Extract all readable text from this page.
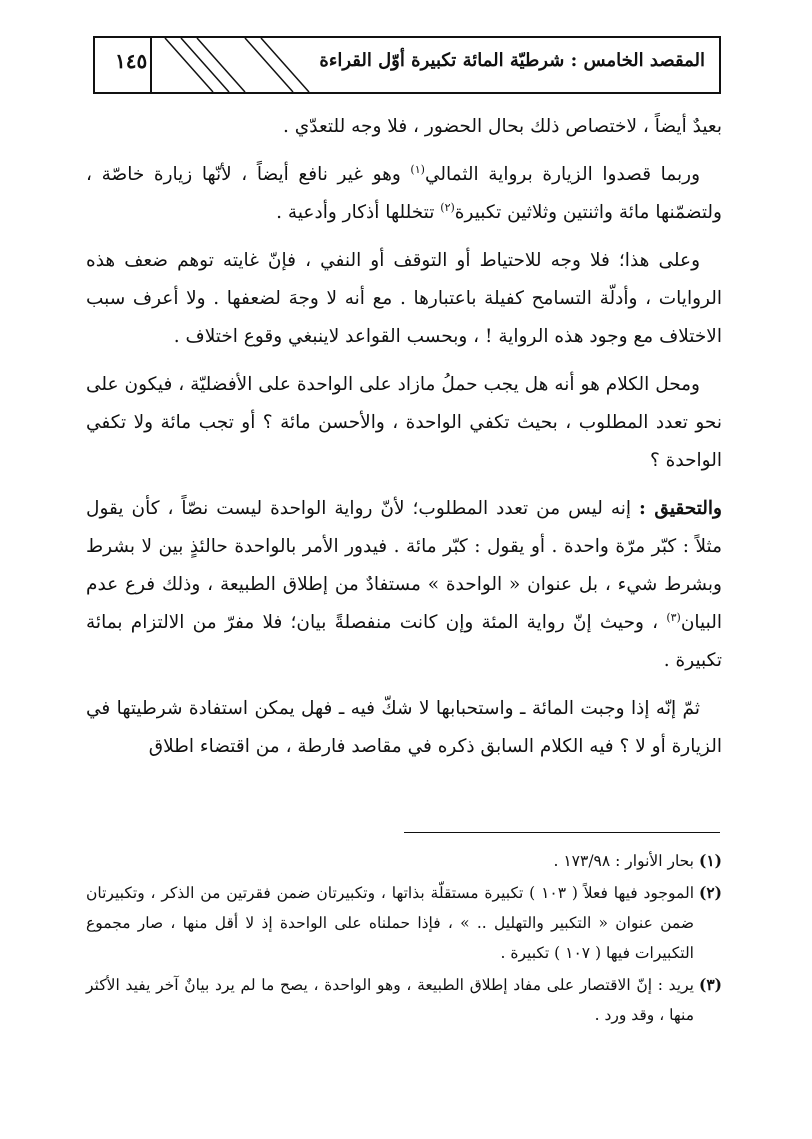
المقصد الخامس : شرطيّة المائة تكبيرة أوّل القراءة
١٤٥

بعيدٌ أيضاً ، لاختصاص ذلك بحال الحضور ، فلا وجه للتعدّي .

وربما قصدوا الزيارة برواية الثمالي$^{(١)}$ وهو غير نافع أيضاً ، لأنّها زيارة خاصّة ، ولتضمّنها مائة واثنتين وثلاثين تكبيرة$^{(٢)}$ تتخللها أذكار وأدعية .

وعلى هذا؛ فلا وجه للاحتياط أو التوقف أو النفي ، فإنّ غايته توهم ضعف هذه الروايات ، وأدلّة التسامح كفيلة باعتبارها . مع أنه لا وجهَ لضعفها . ولا أعرف سبب الاختلاف مع وجود هذه الرواية ! ، وبحسب القواعد لاينبغي وقوع اختلاف .

ومحل الكلام هو أنه هل يجب حملُ مازاد على الواحدة على الأفضليّة ، فيكون على نحو تعدد المطلوب ، بحيث تكفي الواحدة ، والأحسن مائة ؟ أو تجب مائة ولا تكفي الواحدة ؟

والتحقيق : إنه ليس من تعدد المطلوب؛ لأنّ رواية الواحدة ليست نصّاً ، كأن يقول مثلاً : كبّر مرّة واحدة . أو يقول : كبّر مائة . فيدور الأمر بالواحدة حالئذٍ بين لا بشرط وبشرط شيء ، بل عنوان « الواحدة » مستفادٌ من إطلاق الطبيعة ، وذلك فرع عدم البيان$^{(٣)}$ ، وحيث إنّ رواية المئة وإن كانت منفصلةً بيان؛ فلا مفرّ من الالتزام بمائة تكبيرة .

ثمّ إنّه إذا وجبت المائة ـ واستحبابها لا شكّ فيه ـ فهل يمكن استفادة شرطيتها في الزيارة أو لا ؟ فيه الكلام السابق ذكره في مقاصد فارطة ، من اقتضاء اطلاق

(١)
بحار الأنوار : ١٧٣/٩٨ .
(٢)
الموجود فيها فعلاً ( ١٠٣ ) تكبيرة مستقلّة بذاتها ، وتكبيرتان ضمن فقرتين من الذكر ، وتكبيرتان ضمن عنوان « التكبير والتهليل .. » ، فإذا حملناه على الواحدة إذ لا أقل منها ، صار مجموع التكبيرات فيها ( ١٠٧ ) تكبيرة .
(٣)
يريد : إنّ الاقتصار على مفاد إطلاق الطبيعة ، وهو الواحدة ، يصح ما لم يرد بيانٌ آخر يفيد الأكثر منها ، وقد ورد .
